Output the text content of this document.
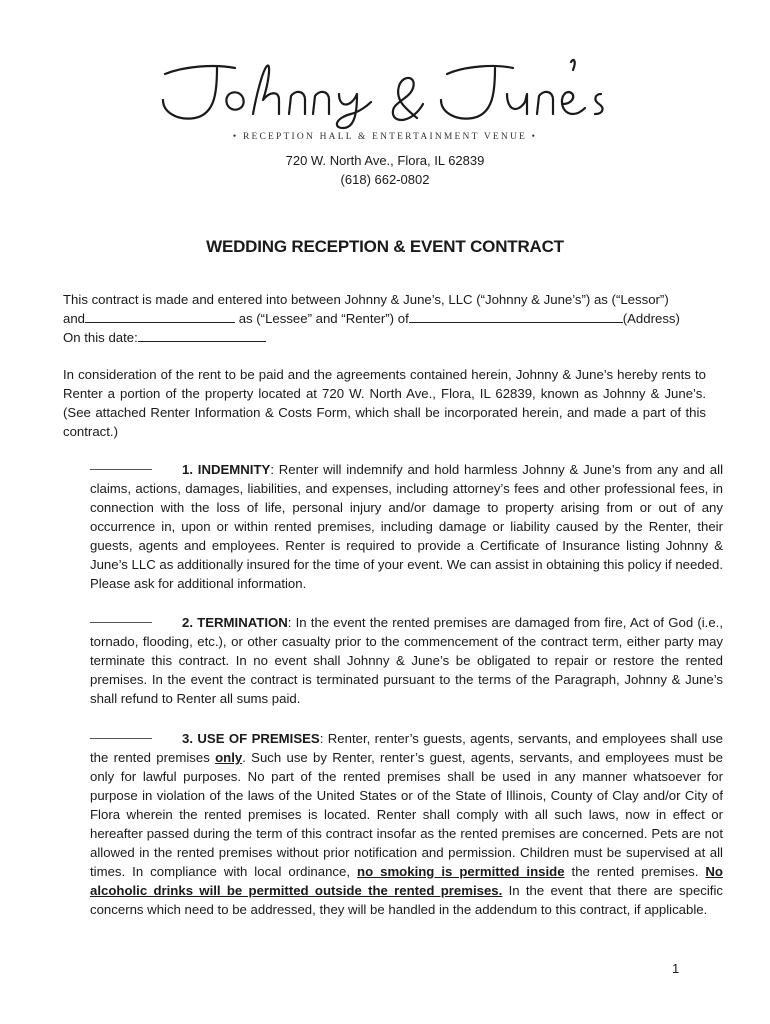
• RECEPTION HALL & ENTERTAINMENT VENUE •
720 W. North Ave., Flora, IL 62839
(618) 662-0802
WEDDING RECEPTION & EVENT CONTRACT
This contract is made and entered into between Johnny & June’s, LLC (“Johnny & June’s”) as (“Lessor”)
and	as (“Lessee” and “Renter”) of	(Address)
On this date:
In consideration of the rent to be paid and the agreements contained herein, Johnny & June’s hereby rents to Renter a portion of the property located at 720 W. North Ave., Flora, IL 62839, known as Johnny & June’s. (See attached Renter Information & Costs Form, which shall be incorporated herein, and made a part of this contract.)
1. INDEMNITY: Renter will indemnify and hold harmless Johnny & June’s from any and all claims, actions, damages, liabilities, and expenses, including attorney’s fees and other professional fees, in connection with the loss of life, personal injury and/or damage to property arising from or out of any occurrence in, upon or within rented premises, including damage or liability caused by the Renter, their guests, agents and employees. Renter is required to provide a Certificate of Insurance listing Johnny & June’s LLC as additionally insured for the time of your event. We can assist in obtaining this policy if needed. Please ask for additional information.
2. TERMINATION: In the event the rented premises are damaged from fire, Act of God (i.e., tornado, flooding, etc.), or other casualty prior to the commencement of the contract term, either party may terminate this contract. In no event shall Johnny & June’s be obligated to repair or restore the rented premises. In the event the contract is terminated pursuant to the terms of the Paragraph, Johnny & June’s shall refund to Renter all sums paid.
3. USE OF PREMISES: Renter, renter’s guests, agents, servants, and employees shall use the rented premises only. Such use by Renter, renter’s guest, agents, servants, and employees must be only for lawful purposes. No part of the rented premises shall be used in any manner whatsoever for purpose in violation of the laws of the United States or of the State of Illinois, County of Clay and/or City of Flora wherein the rented premises is located. Renter shall comply with all such laws, now in effect or hereafter passed during the term of this contract insofar as the rented premises are concerned. Pets are not allowed in the rented premises without prior notification and permission. Children must be supervised at all times. In compliance with local ordinance, no smoking is permitted inside the rented premises. No alcoholic drinks will be permitted outside the rented premises. In the event that there are specific concerns which need to be addressed, they will be handled in the addendum to this contract, if applicable.
1
